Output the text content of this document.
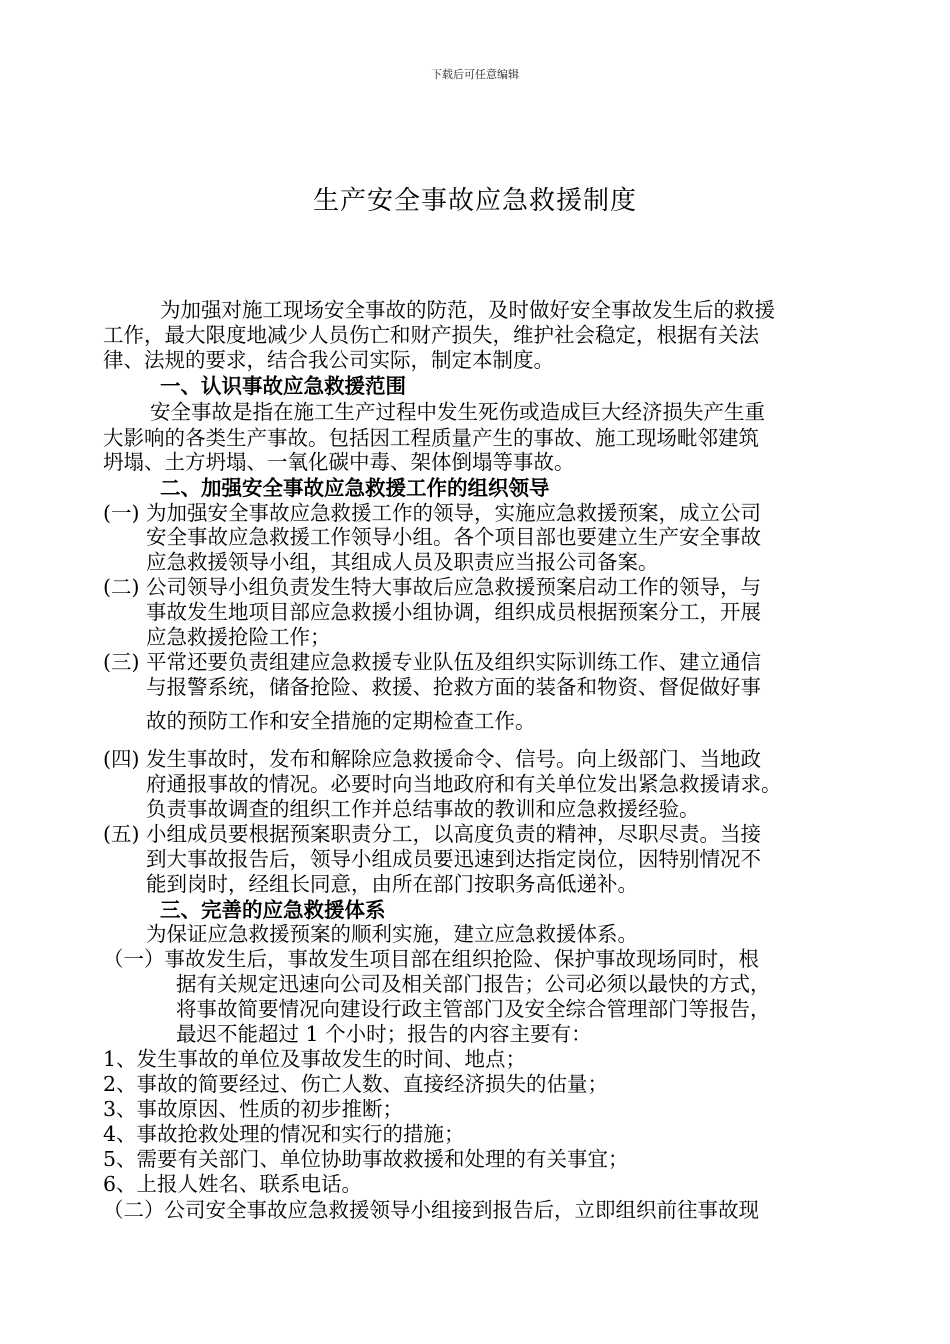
下载后可任意编辑
生产安全事故应急救援制度
为加强对施工现场安全事故的防范，及时做好安全事故发生后的救援
工作，最大限度地减少人员伤亡和财产损失，维护社会稳定，根据有关法
律、法规的要求，结合我公司实际，制定本制度。
一、认识事故应急救援范围
安全事故是指在施工生产过程中发生死伤或造成巨大经济损失产生重
大影响的各类生产事故。包括因工程质量产生的事故、施工现场毗邻建筑
坍塌、土方坍塌、一氧化碳中毒、架体倒塌等事故。
二、加强安全事故应急救援工作的组织领导
(一) 为加强安全事故应急救援工作的领导，实施应急救援预案，成立公司
安全事故应急救援工作领导小组。各个项目部也要建立生产安全事故
应急救援领导小组，其组成人员及职责应当报公司备案。
(二) 公司领导小组负责发生特大事故后应急救援预案启动工作的领导，与
事故发生地项目部应急救援小组协调，组织成员根据预案分工，开展
应急救援抢险工作；
(三) 平常还要负责组建应急救援专业队伍及组织实际训练工作、建立通信
与报警系统，储备抢险、救援、抢救方面的装备和物资、督促做好事
故的预防工作和安全措施的定期检查工作。
(四) 发生事故时，发布和解除应急救援命令、信号。向上级部门、当地政
府通报事故的情况。必要时向当地政府和有关单位发出紧急救援请求。
负责事故调查的组织工作并总结事故的教训和应急救援经验。
(五) 小组成员要根据预案职责分工，以高度负责的精神，尽职尽责。当接
到大事故报告后，领导小组成员要迅速到达指定岗位，因特别情况不
能到岗时，经组长同意，由所在部门按职务高低递补。
三、完善的应急救援体系
为保证应急救援预案的顺利实施，建立应急救援体系。
（一）事故发生后，事故发生项目部在组织抢险、保护事故现场同时，根
据有关规定迅速向公司及相关部门报告；公司必须以最快的方式，
将事故简要情况向建设行政主管部门及安全综合管理部门等报告，
最迟不能超过 1 个小时；报告的内容主要有：
1、发生事故的单位及事故发生的时间、地点；
2、事故的简要经过、伤亡人数、直接经济损失的估量；
3、事故原因、性质的初步推断；
4、事故抢救处理的情况和实行的措施；
5、需要有关部门、单位协助事故救援和处理的有关事宜；
6、上报人姓名、联系电话。
（二）公司安全事故应急救援领导小组接到报告后，立即组织前往事故现
